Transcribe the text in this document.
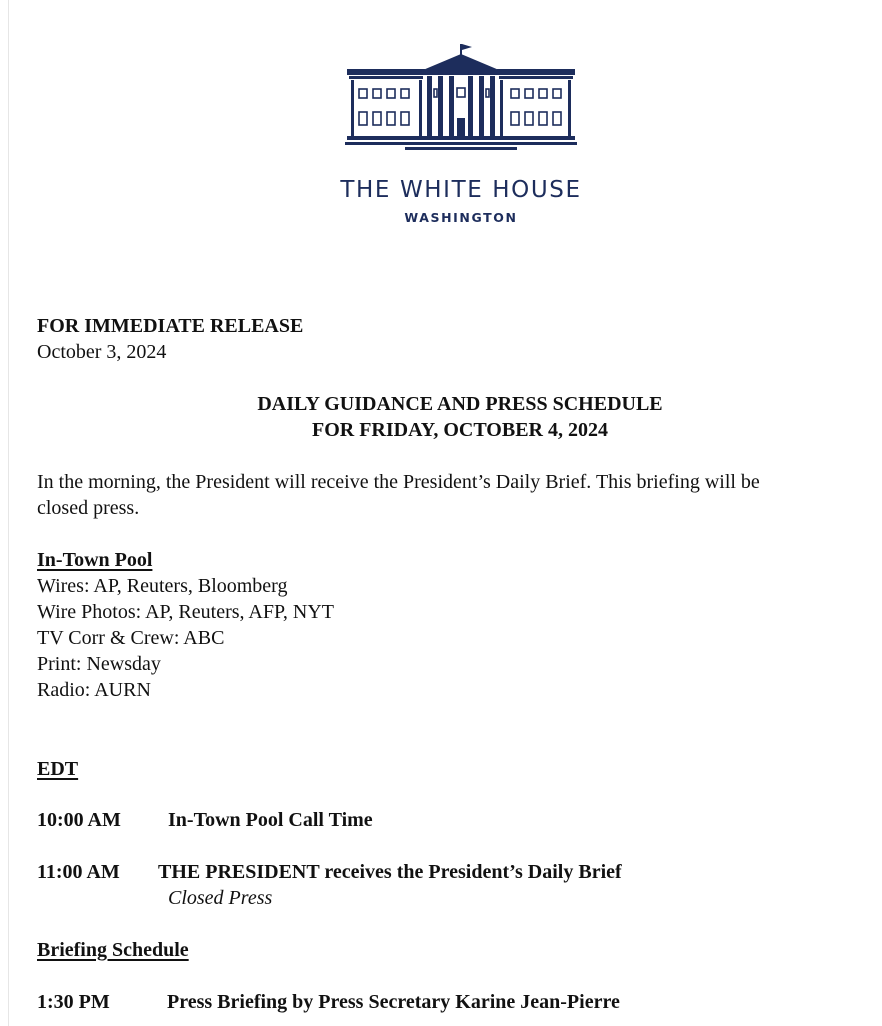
THE WHITE HOUSE
WASHINGTON
FOR IMMEDIATE RELEASE
October 3, 2024
DAILY GUIDANCE AND PRESS SCHEDULE
FOR FRIDAY, OCTOBER 4, 2024
In the morning, the President will receive the President’s Daily Brief. This briefing will be
closed press.
In-Town Pool
Wires: AP, Reuters, Bloomberg
Wire Photos: AP, Reuters, AFP, NYT
TV Corr & Crew: ABC
Print: Newsday
Radio: AURN
EDT
10:00 AM In-Town Pool Call Time
11:00 AM THE PRESIDENT receives the President’s Daily Brief
Closed Press
Briefing Schedule
1:30 PM	Press Briefing by Press Secretary Karine Jean-Pierre
